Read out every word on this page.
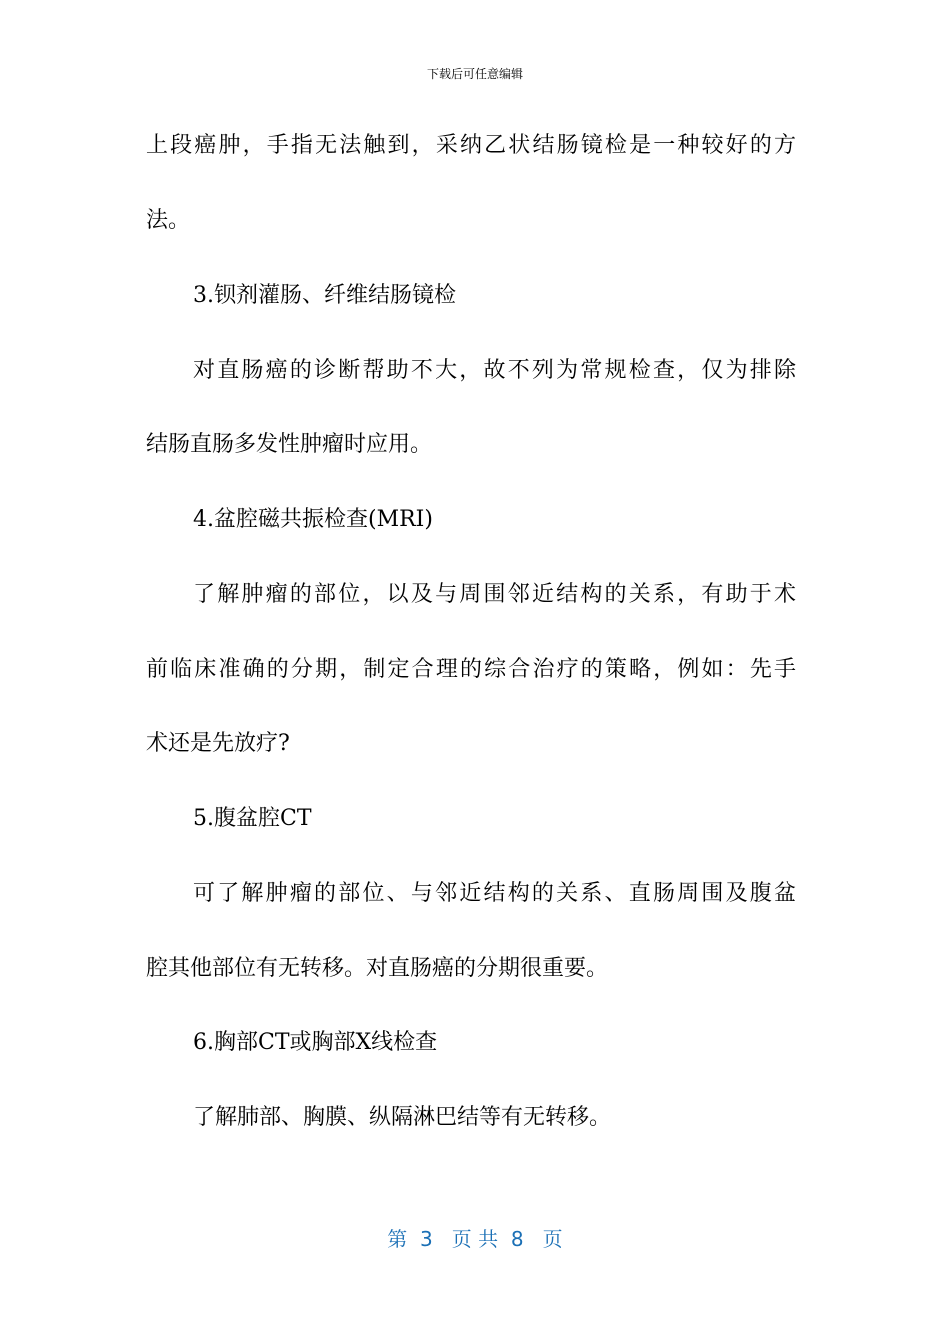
下载后可任意编辑
上段癌肿，手指无法触到，采纳乙状结肠镜检是一种较好的方
法。
3.钡剂灌肠、纤维结肠镜检
对直肠癌的诊断帮助不大，故不列为常规检查，仅为排除
结肠直肠多发性肿瘤时应用。
4.盆腔磁共振检查(MRI)
了解肿瘤的部位，以及与周围邻近结构的关系，有助于术
前临床准确的分期，制定合理的综合治疗的策略，例如：先手
术还是先放疗?
5.腹盆腔CT
可了解肿瘤的部位、与邻近结构的关系、直肠周围及腹盆
腔其他部位有无转移。对直肠癌的分期很重要。
6.胸部CT或胸部X线检查
了解肺部、胸膜、纵隔淋巴结等有无转移。
第  3   页 共  8   页
